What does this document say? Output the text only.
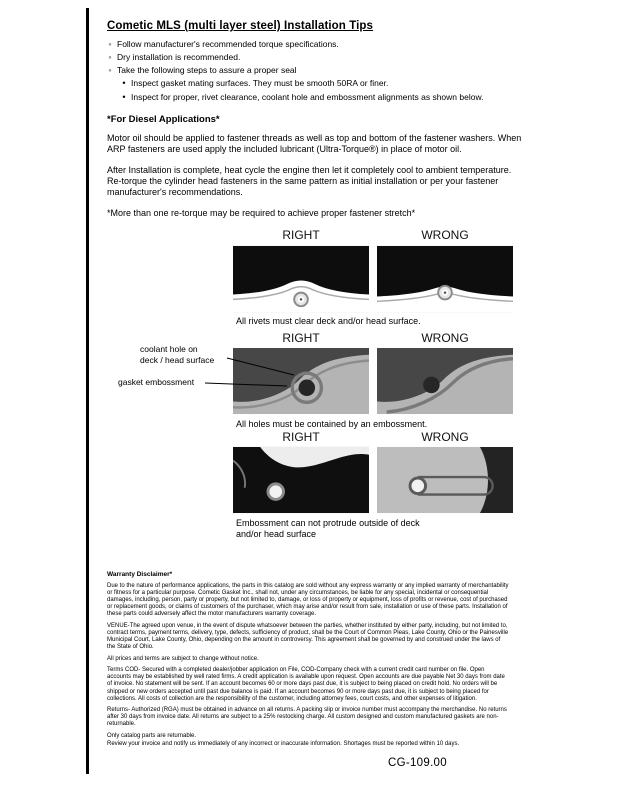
Cometic MLS (multi layer steel) Installation Tips
◦
Follow manufacturer's recommended torque specifications.
◦
Dry installation is recommended.
◦
Take the following steps to assure a proper seal
•
Inspect gasket mating surfaces. They must be smooth 50RA or finer.
•
Inspect for proper, rivet clearance, coolant hole and embossment alignments as shown below.
*For Diesel Applications*

Motor oil should be applied to fastener threads as well as top and bottom of the fastener washers. When ARP fasteners are used apply the included lubricant (Ultra-Torque®) in place of motor oil.

After Installation is complete, heat cycle the engine then let it completely cool to ambient temperature. Re-torque the cylinder head fasteners in the same pattern as initial installation or per your fastener manufacturer's recommendations.

*More than one re-torque may be required to achieve proper fastener stretch*

RIGHT	WRONG
All rivets must clear deck and/or head surface.
RIGHT	WRONG
coolant hole on
deck / head surface
gasket embossment
All holes must be contained by an embossment.
RIGHT	WRONG
Embossment can not protrude outside of deck
and/or head surface
Warranty Disclaimer*

Due to the nature of performance applications, the parts in this catalog are sold without any express warranty or any implied warranty of merchantability or fitness for a particular purpose. Cometic Gasket Inc., shall not, under any circumstances, be liable for any special, incidental or consequential damages, including, person, party or property, but not limited to, damage, or loss of property or equipment, loss of profits or revenue, cost of purchased or replacement goods, or claims of customers of the purchaser, which may arise and/or result from sale, installation or use of these parts. Installation of these parts could adversely affect the motor manufacturers warranty coverage.

VENUE-The agreed upon venue, in the event of dispute whatsoever between the parties, whether instituted by either party, including, but not limited to, contract terms, payment terms, delivery, type, defects, sufficiency of product, shall be the Court of Common Pleas, Lake County, Ohio or the Painesville Municipal Court, Lake County, Ohio, depending on the amount in controversy. This agreement shall be governed by and construed under the laws of the State of Ohio.

All prices and terms are subject to change without notice.

Terms COD- Secured with a completed dealer/jobber application on File, COD-Company check with a current credit card number on file. Open accounts may be established by well rated firms. A credit application is available upon request. Open accounts are due payable Net 30 days from date of invoice. No statement will be sent. If an account becomes 60 or more days past due, it is subject to being placed on credit hold. No orders will be shipped or new orders accepted until past due balance is paid. If an account becomes 90 or more days past due, it is subject to being placed for collections. All costs of collection are the responsibility of the customer, including attorney fees, court costs, and other expenses of litigation.

Returns- Authorized (RGA) must be obtained in advance on all returns. A packing slip or invoice number must accompany the merchandise. No returns after 30 days from invoice date. All returns are subject to a 25% restocking charge. All custom designed and custom manufactured gaskets are non-returnable.

Only catalog parts are returnable.

Review your invoice and notify us immediately of any incorrect or inaccurate information. Shortages must be reported within 10 days.

CG-109.00
